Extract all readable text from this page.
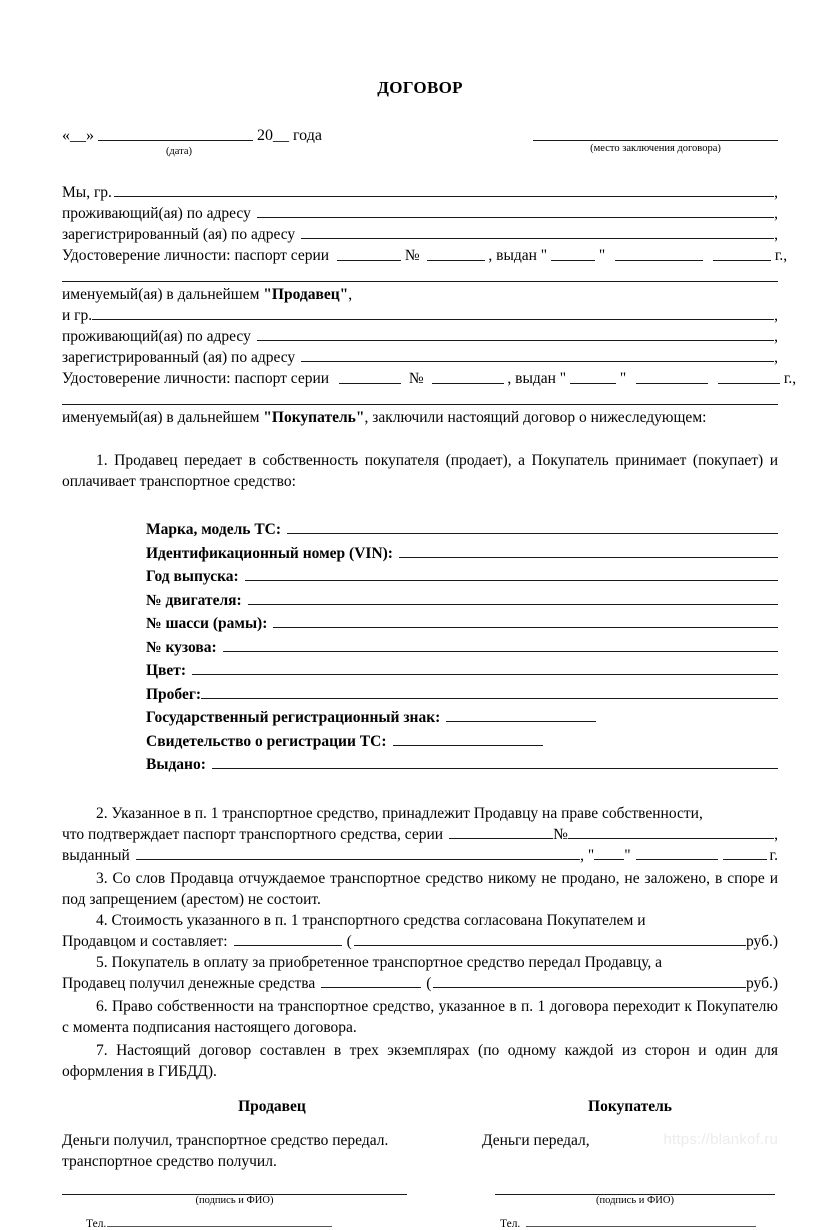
ДОГОВОР
«__»	20__ года
(дата)	(место заключения договора)
Мы, гр.	,
проживающий(ая) по адресу	,
зарегистрированный (ая) по адресу	,
Удостоверение личности: паспорт серии	№	, выдан "	"	г.,
именуемый(ая) в дальнейшем "Продавец",
и гр.	,
проживающий(ая) по адресу	,
зарегистрированный (ая) по адресу	,
Удостоверение личности: паспорт серии	№	, выдан "	"	г.,
именуемый(ая) в дальнейшем "Покупатель", заключили настоящий договор о нижеследующем:
1. Продавец передает в собственность покупателя (продает), а Покупатель принимает (покупает) и оплачивает транспортное средство:
Марка, модель ТС:
Идентификационный номер (VIN):
Год выпуска:
№ двигателя:
№ шасси (рамы):
№ кузова:
Цвет:
Пробег:
Государственный регистрационный знак:
Свидетельство о регистрации ТС:
Выдано:
2. Указанное в п. 1 транспортное средство, принадлежит Продавцу на праве собственности,
что подтверждает паспорт транспортного средства, серии	№	,
выданный	, " "	г.
3. Со слов Продавца отчуждаемое транспортное средство никому не продано, не заложено, в споре и под запрещением (арестом) не состоит.
4. Стоимость указанного в п. 1 транспортного средства согласована Покупателем и
Продавцом и составляет:	(	руб.)
5. Покупатель в оплату за приобретенное транспортное средство передал Продавцу, а
Продавец получил денежные средства	(	руб.)
6. Право собственности на транспортное средство, указанное в п. 1 договора переходит к Покупателю с момента подписания настоящего договора.
7. Настоящий договор составлен в трех экземплярах (по одному каждой из сторон и один для оформления в ГИБДД).
Продавец	Покупатель
Деньги получил, транспортное средство передал.
транспортное средство получил.
Деньги передал,
(подпись и ФИО)
Тел.
(подпись и ФИО)
Тел.
https://blankof.ru
